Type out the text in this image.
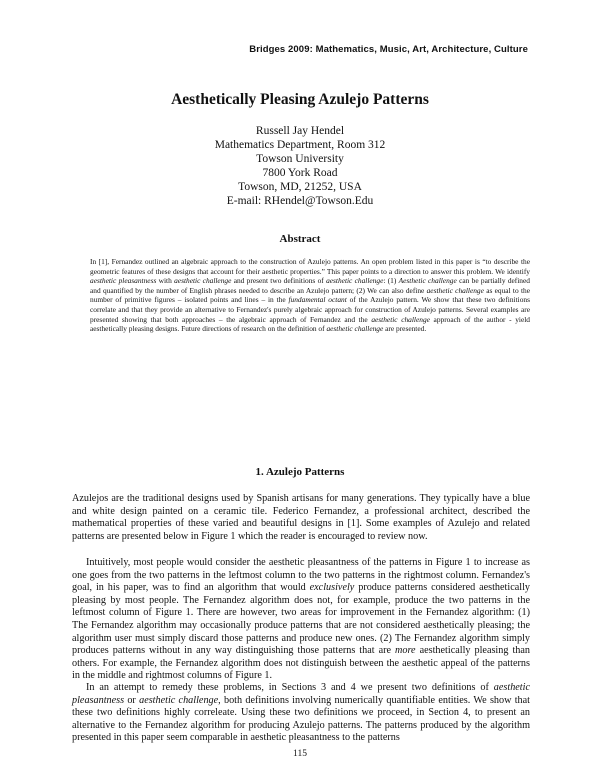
Bridges 2009: Mathematics, Music, Art, Architecture, Culture
Aesthetically Pleasing Azulejo Patterns
Russell Jay Hendel
Mathematics Department, Room 312
Towson University
7800 York Road
Towson, MD, 21252, USA
E-mail: RHendel@Towson.Edu
Abstract

In [1], Fernandez outlined an algebraic approach to the construction of Azulejo patterns. An open problem listed in this paper is “to describe the geometric features of these designs that account for their aesthetic properties.” This paper points to a direction to answer this problem. We identify aesthetic pleasantness with aesthetic challenge and present two definitions of aesthetic challenge: (1) Aesthetic challenge can be partially defined and quantified by the number of English phrases needed to describe an Azulejo pattern; (2) We can also define aesthetic challenge as equal to the number of primitive figures – isolated points and lines – in the fundamental octant of the Azulejo pattern. We show that these two definitions correlate and that they provide an alternative to Fernandez's purely algebraic approach for construction of Azulejo patterns. Several examples are presented showing that both approaches – the algebraic approach of Fernandez and the aesthetic challenge approach of the author - yield aesthetically pleasing designs. Future directions of research on the definition of aesthetic challenge are presented.

1. Azulejo Patterns

Azulejos are the traditional designs used by Spanish artisans for many generations. They typically have a blue and white design painted on a ceramic tile. Federico Fernandez, a professional architect, described the mathematical properties of these varied and beautiful designs in [1]. Some examples of Azulejo and related patterns are presented below in Figure 1 which the reader is encouraged to review now.

Intuitively, most people would consider the aesthetic pleasantness of the patterns in Figure 1 to increase as one goes from the two patterns in the leftmost column to the two patterns in the rightmost column. Fernandez's goal, in his paper, was to find an algorithm that would exclusively produce patterns considered aesthetically pleasing by most people. The Fernandez algorithm does not, for example, produce the two patterns in the leftmost column of Figure 1. There are however, two areas for improvement in the Fernandez algorithm: (1) The Fernandez algorithm may occasionally produce patterns that are not considered aesthetically pleasing; the algorithm user must simply discard those patterns and produce new ones. (2) The Fernandez algorithm simply produces patterns without in any way distinguishing those patterns that are more aesthetically pleasing than others. For example, the Fernandez algorithm does not distinguish between the aesthetic appeal of the patterns in the middle and rightmost columns of Figure 1.

In an attempt to remedy these problems, in Sections 3 and 4 we present two definitions of aesthetic pleasantness or aesthetic challenge, both definitions involving numerically quantifiable entities. We show that these two definitions highly correleate. Using these two definitions we proceed, in Section 4, to present an alternative to the Fernandez algorithm for producing Azulejo patterns. The patterns produced by the algorithm presented in this paper seem comparable in aesthetic pleasantness to the patterns

115
